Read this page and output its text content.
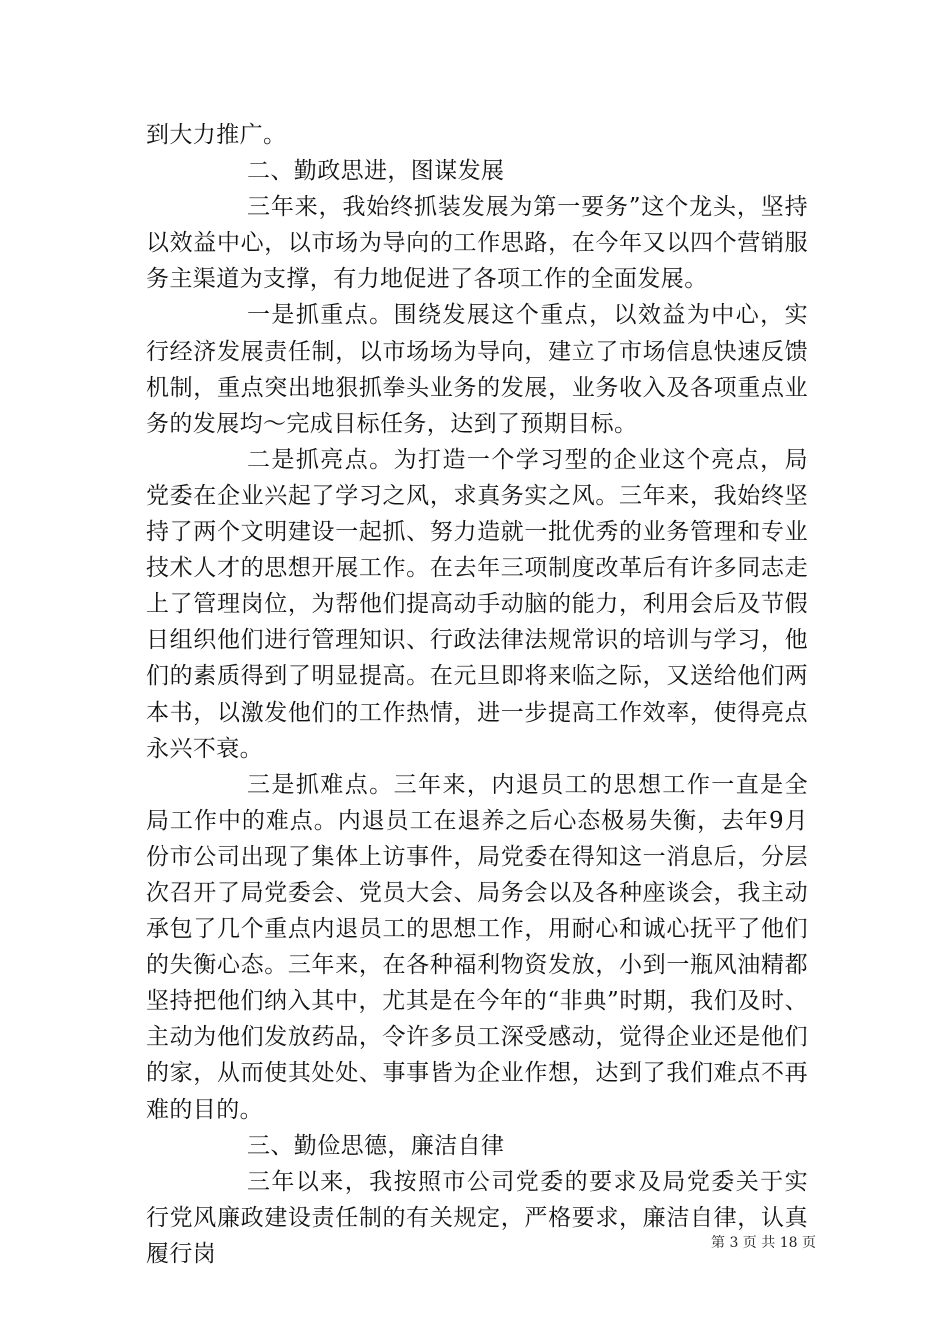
到大力推广。

二、勤政思进，图谋发展

三年来，我始终抓装发展为第一要务”这个龙头，坚持以效益中心，以市场为导向的工作思路，在今年又以四个营销服务主渠道为支撑，有力地促进了各项工作的全面发展。

一是抓重点。围绕发展这个重点，以效益为中心，实行经济发展责任制，以市场场为导向，建立了市场信息快速反馈机制，重点突出地狠抓拳头业务的发展，业务收入及各项重点业务的发展均～完成目标任务，达到了预期目标。

二是抓亮点。为打造一个学习型的企业这个亮点，局党委在企业兴起了学习之风，求真务实之风。三年来，我始终坚持了两个文明建设一起抓、努力造就一批优秀的业务管理和专业技术人才的思想开展工作。在去年三项制度改革后有许多同志走上了管理岗位，为帮他们提高动手动脑的能力，利用会后及节假日组织他们进行管理知识、行政法律法规常识的培训与学习，他们的素质得到了明显提高。在元旦即将来临之际，又送给他们两本书，以激发他们的工作热情，进一步提高工作效率，使得亮点永兴不衰。

三是抓难点。三年来，内退员工的思想工作一直是全局工作中的难点。内退员工在退养之后心态极易失衡，去年9月份市公司出现了集体上访事件，局党委在得知这一消息后，分层次召开了局党委会、党员大会、局务会以及各种座谈会，我主动承包了几个重点内退员工的思想工作，用耐心和诚心抚平了他们的失衡心态。三年来，在各种福利物资发放，小到一瓶风油精都坚持把他们纳入其中，尤其是在今年的“非典”时期，我们及时、主动为他们发放药品，令许多员工深受感动，觉得企业还是他们的家，从而使其处处、事事皆为企业作想，达到了我们难点不再难的目的。

三、勤俭思德，廉洁自律

三年以来，我按照市公司党委的要求及局党委关于实行党风廉政建设责任制的有关规定，严格要求，廉洁自律，认真履行岗	第 3 页 共 18 页
